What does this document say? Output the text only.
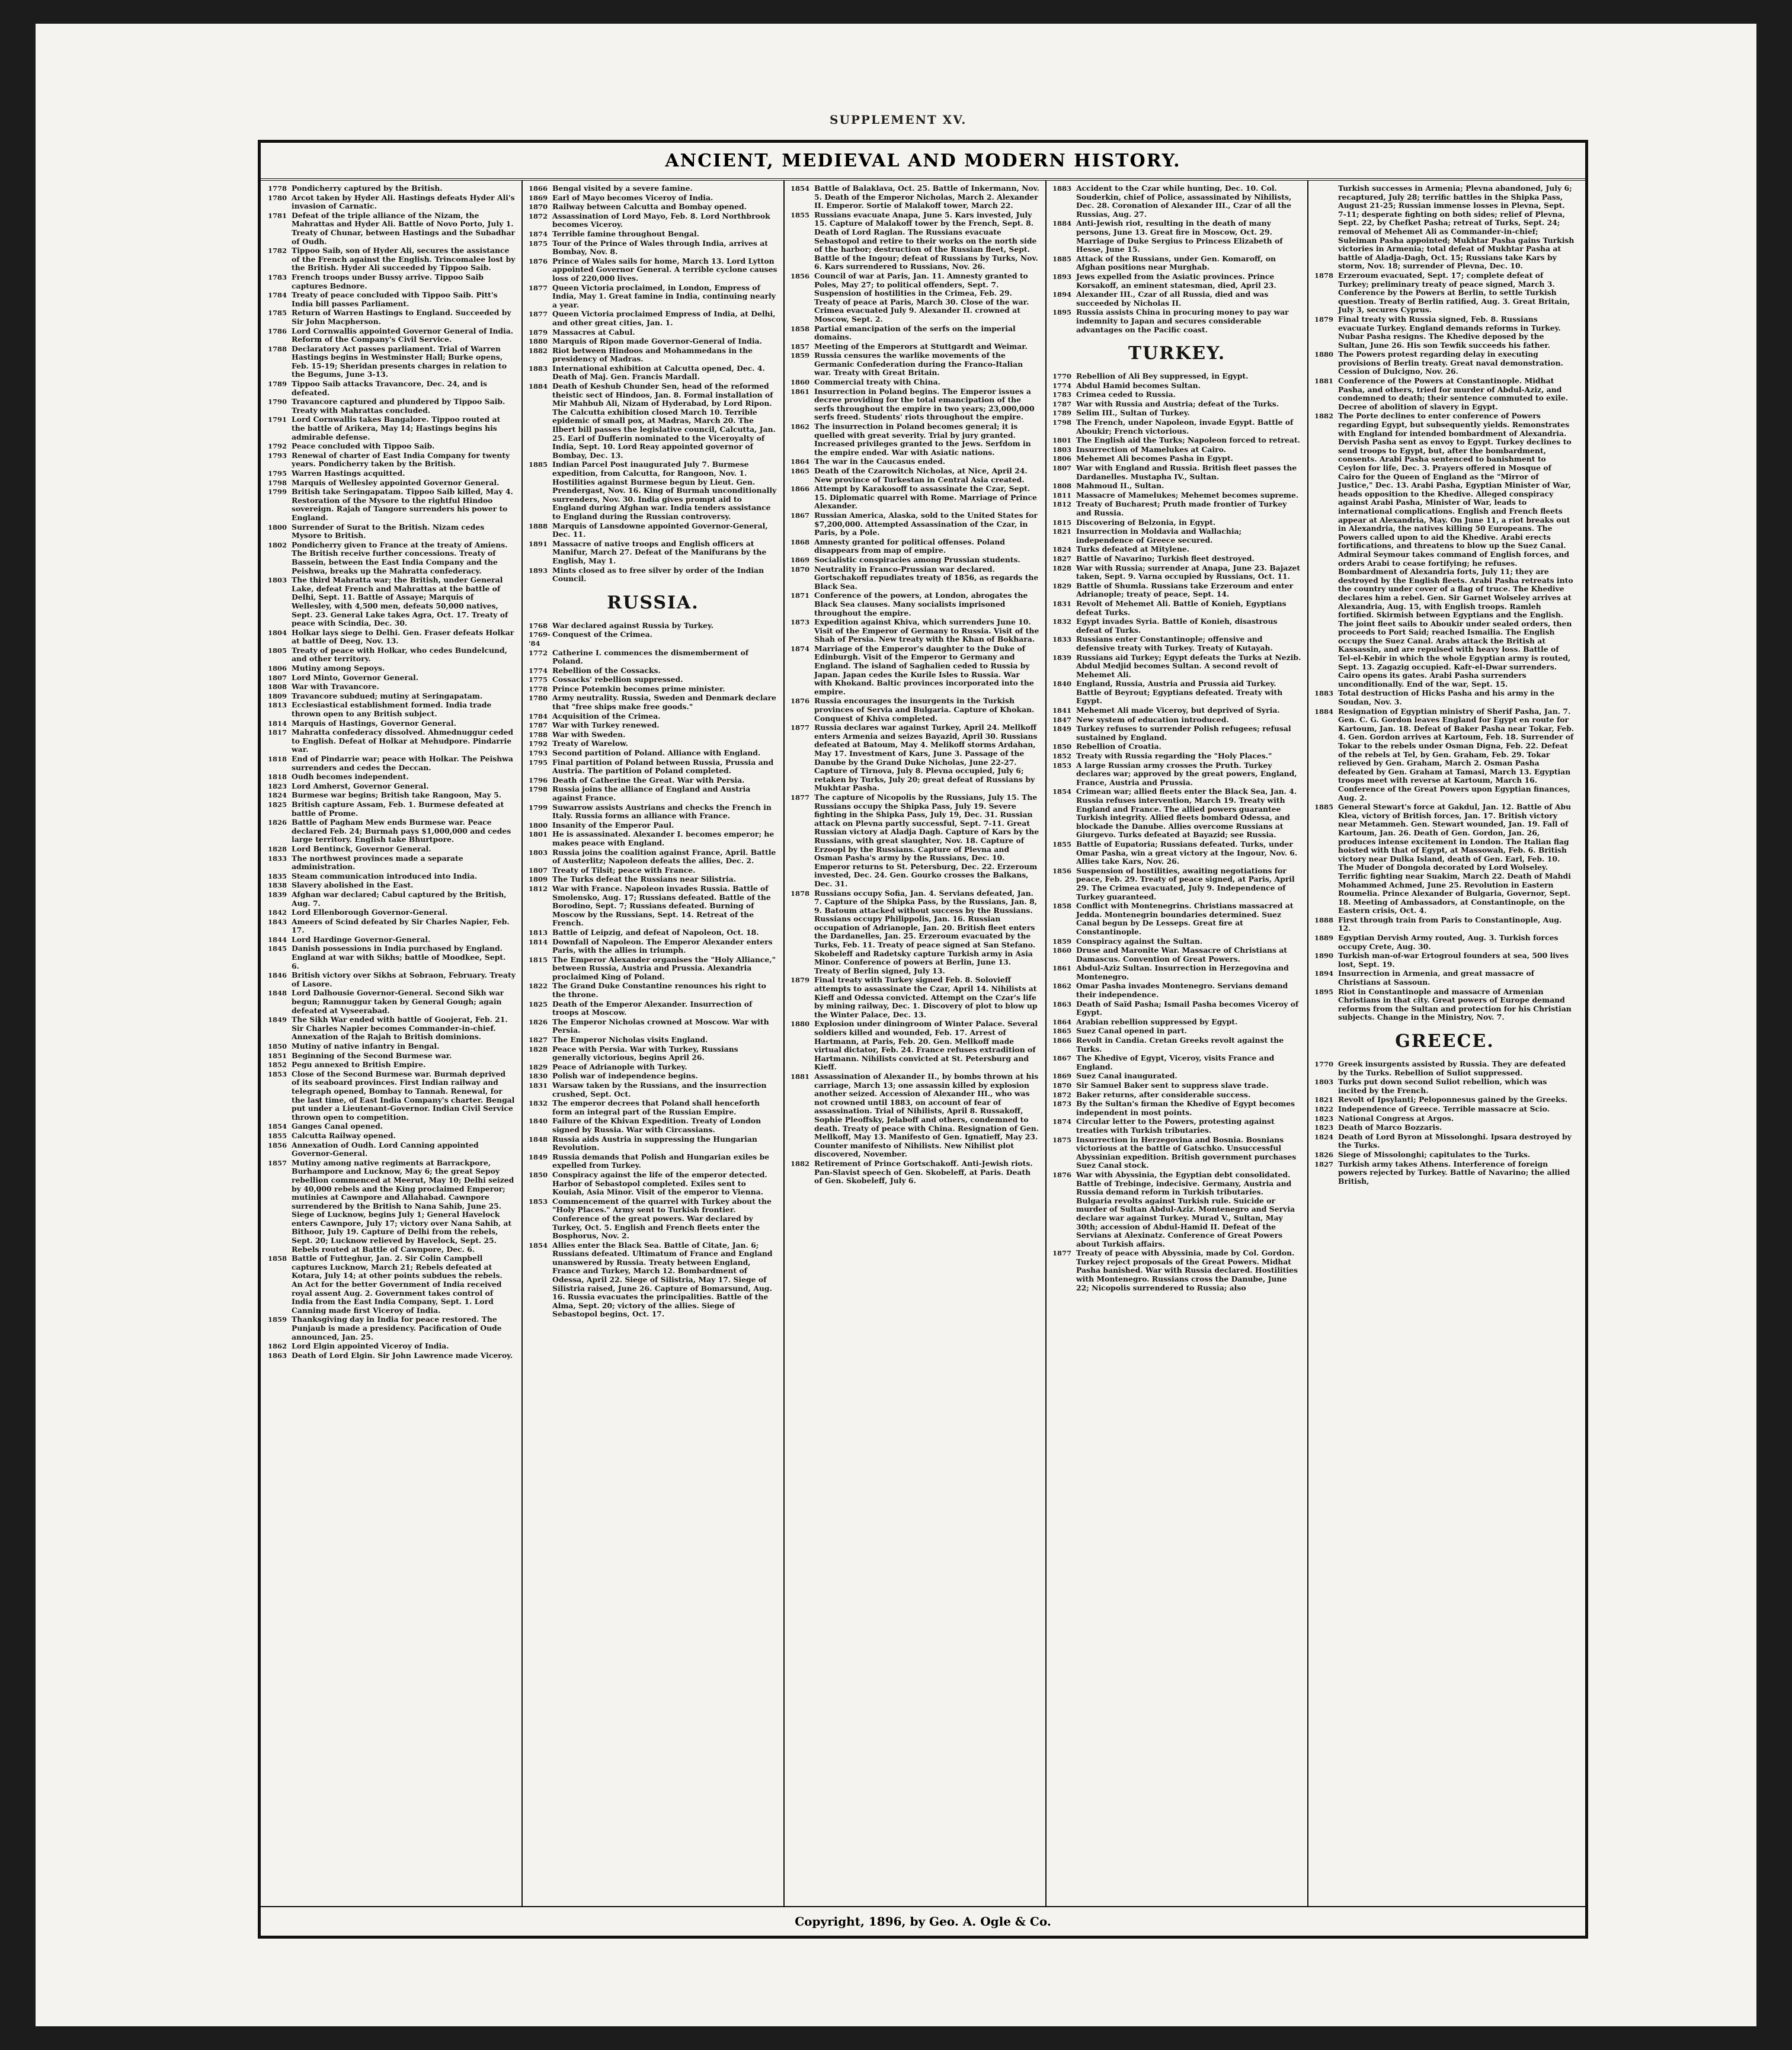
SUPPLEMENT XV.
ANCIENT, MEDIEVAL AND MODERN HISTORY.
1778 Pondicherry captured by the British.
1780 Arcot taken by Hyder Ali. Hastings defeats Hyder Ali's invasion of Carnatic.
1781 Defeat of the triple alliance of the Nizam, the Mahrattas and Hyder Ali. Battle of Novo Porto, July 1. Treaty of Chunar, between Hastings and the Subadhar of Oudh.
1782 Tippoo Saib, son of Hyder Ali, secures the assistance of the French against the English. Trincomalee lost by the British. Hyder Ali succeeded by Tippoo Saib.
1783 French troops under Bussy arrive. Tippoo Saib captures Bednore.
1784 Treaty of peace concluded with Tippoo Saib. Pitt's India bill passes Parliament.
1785 Return of Warren Hastings to England. Succeeded by Sir John Macpherson.
1786 Lord Cornwallis appointed Governor General of India. Reform of the Company's Civil Service.
1788 Declaratory Act passes parliament. Trial of Warren Hastings begins in Westminster Hall; Burke opens, Feb. 15-19; Sheridan presents charges in relation to the Begums, June 3-13.
1789 Tippoo Saib attacks Travancore, Dec. 24, and is defeated.
1790 Travancore captured and plundered by Tippoo Saib. Treaty with Mahrattas concluded.
1791 Lord Cornwallis takes Bangalore. Tippoo routed at the battle of Arikera, May 14; Hastings begins his admirable defense.
1792 Peace concluded with Tippoo Saib.
1793 Renewal of charter of East India Company for twenty years. Pondicherry taken by the British.
1795 Warren Hastings acquitted.
1798 Marquis of Wellesley appointed Governor General.
1799 British take Seringapatam. Tippoo Saib killed, May 4. Restoration of the Mysore to the rightful Hindoo sovereign. Rajah of Tangore surrenders his power to England.
1800 Surrender of Surat to the British. Nizam cedes Mysore to British.
1802 Pondicherry given to France at the treaty of Amiens. The British receive further concessions. Treaty of Bassein, between the East India Company and the Peishwa, breaks up the Mahratta confederacy.
1803 The third Mahratta war; the British, under General Lake, defeat French and Mahrattas at the battle of Delhi, Sept. 11. Battle of Assaye; Marquis of Wellesley, with 4,500 men, defeats 50,000 natives, Sept. 23. General Lake takes Agra, Oct. 17. Treaty of peace with Scindia, Dec. 30.
1804 Holkar lays siege to Delhi. Gen. Fraser defeats Holkar at battle of Deeg, Nov. 13.
1805 Treaty of peace with Holkar, who cedes Bundelcund, and other territory.
1806 Mutiny among Sepoys.
1807 Lord Minto, Governor General.
1808 War with Travancore.
1809 Travancore subdued; mutiny at Seringapatam.
1813 Ecclesiastical establishment formed. India trade thrown open to any British subject.
1814 Marquis of Hastings, Governor General.
1817 Mahratta confederacy dissolved. Ahmednuggur ceded to English. Defeat of Holkar at Mehudpore. Pindarrie war.
1818 End of Pindarrie war; peace with Holkar. The Peishwa surrenders and cedes the Deccan.
1818 Oudh becomes independent.
1823 Lord Amherst, Governor General.
1824 Burmese war begins; British take Rangoon, May 5.
1825 British capture Assam, Feb. 1. Burmese defeated at battle of Prome.
1826 Battle of Pagham Mew ends Burmese war. Peace declared Feb. 24; Burmah pays $1,000,000 and cedes large territory. English take Bhurtpore.
1828 Lord Bentinck, Governor General.
1833 The northwest provinces made a separate administration.
1835 Steam communication introduced into India.
1838 Slavery abolished in the East.
1839 Afghan war declared; Cabul captured by the British, Aug. 7.
1842 Lord Ellenborough Governor-General.
1843 Ameers of Scind defeated by Sir Charles Napier, Feb. 17.
1844 Lord Hardinge Governor-General.
1845 Danish possessions in India purchased by England. England at war with Sikhs; battle of Moodkee, Sept. 6.
1846 British victory over Sikhs at Sobraon, February. Treaty of Lasore.
1848 Lord Dalhousie Governor-General. Second Sikh war begun; Ramnuggur taken by General Gough; again defeated at Vyseerabad.
1849 The Sikh War ended with battle of Goojerat, Feb. 21. Sir Charles Napier becomes Commander-in-chief. Annexation of the Rajah to British dominions.
1850 Mutiny of native infantry in Bengal.
1851 Beginning of the Second Burmese war.
1852 Pegu annexed to British Empire.
1853 Close of the Second Burmese war. Burmah deprived of its seaboard provinces. First Indian railway and telegraph opened, Bombay to Tannah. Renewal, for the last time, of East India Company's charter. Bengal put under a Lieutenant-Governor. Indian Civil Service thrown open to competition.
1854 Ganges Canal opened.
1855 Calcutta Railway opened.
1856 Annexation of Oudh. Lord Canning appointed Governor-General.
1857 Mutiny among native regiments at Barrackpore, Burhampore and Lucknow, May 6; the great Sepoy rebellion commenced at Meerut, May 10; Delhi seized by 40,000 rebels and the King proclaimed Emperor; mutinies at Cawnpore and Allahabad. Cawnpore surrendered by the British to Nana Sahib, June 25. Siege of Lucknow, begins July 1; General Havelock enters Cawnpore, July 17; victory over Nana Sahib, at Bithoor, July 19. Capture of Delhi from the rebels, Sept. 20; Lucknow relieved by Havelock, Sept. 25. Rebels routed at Battle of Cawnpore, Dec. 6.
1858 Battle of Futteghur, Jan. 2. Sir Colin Campbell captures Lucknow, March 21; Rebels defeated at Kotara, July 14; at other points subdues the rebels. An Act for the better Government of India received royal assent Aug. 2. Government takes control of India from the East India Company, Sept. 1. Lord Canning made first Viceroy of India.
1859 Thanksgiving day in India for peace restored. The Punjaub is made a presidency. Pacification of Oude announced, Jan. 25.
1862 Lord Elgin appointed Viceroy of India.
1863 Death of Lord Elgin. Sir John Lawrence made Viceroy.
1866 Bengal visited by a severe famine.
1869 Earl of Mayo becomes Viceroy of India.
1870 Railway between Calcutta and Bombay opened.
1872 Assassination of Lord Mayo, Feb. 8. Lord Northbrook becomes Viceroy.
1874 Terrible famine throughout Bengal.
1875 Tour of the Prince of Wales through India, arrives at Bombay, Nov. 8.
1876 Prince of Wales sails for home, March 13. Lord Lytton appointed Governor General. A terrible cyclone causes loss of 220,000 lives.
1877 Queen Victoria proclaimed, in London, Empress of India, May 1. Great famine in India, continuing nearly a year.
1877 Queen Victoria proclaimed Empress of India, at Delhi, and other great cities, Jan. 1.
1879 Massacres at Cabul.
1880 Marquis of Ripon made Governor-General of India.
1882 Riot between Hindoos and Mohammedans in the presidency of Madras.
1883 International exhibition at Calcutta opened, Dec. 4. Death of Maj. Gen. Francis Mardall.
1884 Death of Keshub Chunder Sen, head of the reformed theistic sect of Hindoos, Jan. 8. Formal installation of Mir Mahbub Ali, Nizam of Hyderabad, by Lord Ripon. The Calcutta exhibition closed March 10. Terrible epidemic of small pox, at Madras, March 20. The Ilbert bill passes the legislative council, Calcutta, Jan. 25. Earl of Dufferin nominated to the Viceroyalty of India, Sept. 10. Lord Reay appointed governor of Bombay, Dec. 13.
1885 Indian Parcel Post inaugurated July 7. Burmese expedition, from Calcutta, for Rangoon, Nov. 1. Hostilities against Burmese begun by Lieut. Gen. Prendergast, Nov. 16. King of Burmah unconditionally surrenders, Nov. 30. India gives prompt aid to England during Afghan war. India tenders assistance to England during the Russian controversy.
1888 Marquis of Lansdowne appointed Governor-General, Dec. 11.
1891 Massacre of native troops and English officers at Manifur, March 27. Defeat of the Manifurans by the English, May 1.
1893 Mints closed as to free silver by order of the Indian Council.
RUSSIA.
1768 War declared against Russia by Turkey.
1769-'84
Conquest of the Crimea.
1772 Catherine I. commences the dismemberment of Poland.
1774 Rebellion of the Cossacks.
1775 Cossacks' rebellion suppressed.
1778 Prince Potemkin becomes prime minister.
1780 Army neutrality. Russia, Sweden and Denmark declare that "free ships make free goods."
1784 Acquisition of the Crimea.
1787 War with Turkey renewed.
1788 War with Sweden.
1792 Treaty of Warelow.
1793 Second partition of Poland. Alliance with England.
1795 Final partition of Poland between Russia, Prussia and Austria. The partition of Poland completed.
1796 Death of Catherine the Great. War with Persia.
1798 Russia joins the alliance of England and Austria against France.
1799 Suwarrow assists Austrians and checks the French in Italy. Russia forms an alliance with France.
1800 Insanity of the Emperor Paul.
1801 He is assassinated. Alexander I. becomes emperor; he makes peace with England.
1803 Russia joins the coalition against France, April. Battle of Austerlitz; Napoleon defeats the allies, Dec. 2.
1807 Treaty of Tilsit; peace with France.
1809 The Turks defeat the Russians near Silistria.
1812 War with France. Napoleon invades Russia. Battle of Smolensko, Aug. 17; Russians defeated. Battle of the Borodino, Sept. 7; Russians defeated. Burning of Moscow by the Russians, Sept. 14. Retreat of the French.
1813 Battle of Leipzig, and defeat of Napoleon, Oct. 18.
1814 Downfall of Napoleon. The Emperor Alexander enters Paris, with the allies in triumph.
1815 The Emperor Alexander organises the "Holy Alliance," between Russia, Austria and Prussia. Alexandria proclaimed King of Poland.
1822 The Grand Duke Constantine renounces his right to the throne.
1825 Death of the Emperor Alexander. Insurrection of troops at Moscow.
1826 The Emperor Nicholas crowned at Moscow. War with Persia.
1827 The Emperor Nicholas visits England.
1828 Peace with Persia. War with Turkey, Russians generally victorious, begins April 26.
1829 Peace of Adrianople with Turkey.
1830 Polish war of independence begins.
1831 Warsaw taken by the Russians, and the insurrection crushed, Sept. Oct.
1832 The emperor decrees that Poland shall henceforth form an integral part of the Russian Empire.
1840 Failure of the Khivan Expedition. Treaty of London signed by Russia. War with Circassians.
1848 Russia aids Austria in suppressing the Hungarian Revolution.
1849 Russia demands that Polish and Hungarian exiles be expelled from Turkey.
1850 Conspiracy against the life of the emperor detected. Harbor of Sebastopol completed. Exiles sent to Kouiah, Asia Minor. Visit of the emperor to Vienna.
1853 Commencement of the quarrel with Turkey about the "Holy Places." Army sent to Turkish frontier. Conference of the great powers. War declared by Turkey, Oct. 5. English and French fleets enter the Bosphorus, Nov. 2.
1854 Allies enter the Black Sea. Battle of Citate, Jan. 6; Russians defeated. Ultimatum of France and England unanswered by Russia. Treaty between England, France and Turkey, March 12. Bombardment of Odessa, April 22. Siege of Silistria, May 17. Siege of Silistria raised, June 26. Capture of Bomarsund, Aug. 16. Russia evacuates the principalities. Battle of the Alma, Sept. 20; victory of the allies. Siege of Sebastopol begins, Oct. 17.
1854 Battle of Balaklava, Oct. 25. Battle of Inkermann, Nov. 5. Death of the Emperor Nicholas, March 2. Alexander II. Emperor. Sortie of Malakoff tower, March 22.
1855 Russians evacuate Anapa, June 5. Kars invested, July 15. Capture of Malakoff tower by the French, Sept. 8. Death of Lord Raglan. The Russians evacuate Sebastopol and retire to their works on the north side of the harbor; destruction of the Russian fleet, Sept. Battle of the Ingour; defeat of Russians by Turks, Nov. 6. Kars surrendered to Russians, Nov. 26.
1856 Council of war at Paris, Jan. 11. Amnesty granted to Poles, May 27; to political offenders, Sept. 7. Suspension of hostilities in the Crimea, Feb. 29. Treaty of peace at Paris, March 30. Close of the war. Crimea evacuated July 9. Alexander II. crowned at Moscow, Sept. 2.
1858 Partial emancipation of the serfs on the imperial domains.
1857 Meeting of the Emperors at Stuttgardt and Weimar.
1859 Russia censures the warlike movements of the Germanic Confederation during the Franco-Italian war. Treaty with Great Britain.
1860 Commercial treaty with China.
1861 Insurrection in Poland begins. The Emperor issues a decree providing for the total emancipation of the serfs throughout the empire in two years; 23,000,000 serfs freed. Students' riots throughout the empire.
1862 The insurrection in Poland becomes general; it is quelled with great severity. Trial by jury granted. Increased privileges granted to the Jews. Serfdom in the empire ended. War with Asiatic nations.
1864 The war in the Caucasus ended.
1865 Death of the Czarowitch Nicholas, at Nice, April 24. New province of Turkestan in Central Asia created.
1866 Attempt by Karakosoff to assassinate the Czar, Sept. 15. Diplomatic quarrel with Rome. Marriage of Prince Alexander.
1867 Russian America, Alaska, sold to the United States for $7,200,000. Attempted Assassination of the Czar, in Paris, by a Pole.
1868 Amnesty granted for political offenses. Poland disappears from map of empire.
1869 Socialistic conspiracies among Prussian students.
1870 Neutrality in Franco-Prussian war declared. Gortschakoff repudiates treaty of 1856, as regards the Black Sea.
1871 Conference of the powers, at London, abrogates the Black Sea clauses. Many socialists imprisoned throughout the empire.
1873 Expedition against Khiva, which surrenders June 10. Visit of the Emperor of Germany to Russia. Visit of the Shah of Persia. New treaty with the Khan of Bokhara.
1874 Marriage of the Emperor's daughter to the Duke of Edinburgh. Visit of the Emperor to Germany and England. The island of Saghalien ceded to Russia by Japan. Japan cedes the Kurile Isles to Russia. War with Khokand. Baltic provinces incorporated into the empire.
1876 Russia encourages the insurgents in the Turkish provinces of Servia and Bulgaria. Capture of Khokan. Conquest of Khiva completed.
1877 Russia declares war against Turkey, April 24. Mellkoff enters Armenia and seizes Bayazid, April 30. Russians defeated at Batoum, May 4. Melikoff storms Ardahan, May 17. Investment of Kars, June 3. Passage of the Danube by the Grand Duke Nicholas, June 22-27. Capture of Tirnova, July 8. Plevna occupied, July 6; retaken by Turks, July 20; great defeat of Russians by Mukhtar Pasha.
1877 The capture of Nicopolis by the Russians, July 15. The Russians occupy the Shipka Pass, July 19. Severe fighting in the Shipka Pass, July 19, Dec. 31. Russian attack on Plevna partly successful, Sept. 7-11. Great Russian victory at Aladja Dagh. Capture of Kars by the Russians, with great slaughter, Nov. 18. Capture of Erzoopl by the Russians. Capture of Plevna and Osman Pasha's army by the Russians, Dec. 10. Emperor returns to St. Petersburg, Dec. 22. Erzeroum invested, Dec. 24. Gen. Gourko crosses the Balkans, Dec. 31.
1878 Russians occupy Sofia, Jan. 4. Servians defeated, Jan. 7. Capture of the Shipka Pass, by the Russians, Jan. 8, 9. Batoum attacked without success by the Russians. Russians occupy Philippolis, Jan. 16. Russian occupation of Adrianople, Jan. 20. British fleet enters the Dardanelles, Jan. 25. Erzeroum evacuated by the Turks, Feb. 11. Treaty of peace signed at San Stefano. Skobeleff and Radetsky capture Turkish army in Asia Minor. Conference of powers at Berlin, June 13. Treaty of Berlin signed, July 13.
1879 Final treaty with Turkey signed Feb. 8. Solovieff attempts to assassinate the Czar, April 14. Nihilists at Kieff and Odessa convicted. Attempt on the Czar's life by mining railway, Dec. 1. Discovery of plot to blow up the Winter Palace, Dec. 13.
1880 Explosion under diningroom of Winter Palace. Several soldiers killed and wounded, Feb. 17. Arrest of Hartmann, at Paris, Feb. 20. Gen. Mellkoff made virtual dictator, Feb. 24. France refuses extradition of Hartmann. Nihilists convicted at St. Petersburg and Kieff.
1881 Assassination of Alexander II., by bombs thrown at his carriage, March 13; one assassin killed by explosion another seized. Accession of Alexander III., who was not crowned until 1883, on account of fear of assassination. Trial of Nihilists, April 8. Russakoff, Sophie Pleoffsky, Jelaboff and others, condemned to death. Treaty of peace with China. Resignation of Gen. Mellkoff, May 13. Manifesto of Gen. Ignatieff, May 23. Counter manifesto of Nihilists. New Nihilist plot discovered, November.
1882 Retirement of Prince Gortschakoff. Anti-Jewish riots. Pan-Slavist speech of Gen. Skobeleff, at Paris. Death of Gen. Skobeleff, July 6.
1883 Accident to the Czar while hunting, Dec. 10. Col. Souderkin, chief of Police, assassinated by Nihilists, Dec. 28. Coronation of Alexander III., Czar of all the Russias, Aug. 27.
1884 Anti-Jewish riot, resulting in the death of many persons, June 13. Great fire in Moscow, Oct. 29. Marriage of Duke Sergius to Princess Elizabeth of Hesse, June 15.
1885 Attack of the Russians, under Gen. Komaroff, on Afghan positions near Murghab.
1893 Jews expelled from the Asiatic provinces. Prince Korsakoff, an eminent statesman, died, April 23.
1894 Alexander III., Czar of all Russia, died and was succeeded by Nicholas II.
1895 Russia assists China in procuring money to pay war indemnity to Japan and secures considerable advantages on the Pacific coast.
TURKEY.
1770 Rebellion of Ali Bey suppressed, in Egypt.
1774 Abdul Hamid becomes Sultan.
1783 Crimea ceded to Russia.
1787 War with Russia and Austria; defeat of the Turks.
1789 Selim III., Sultan of Turkey.
1798 The French, under Napoleon, invade Egypt. Battle of Aboukir; French victorious.
1801 The English aid the Turks; Napoleon forced to retreat.
1803 Insurrection of Mamelukes at Cairo.
1806 Mehemet Ali becomes Pasha in Egypt.
1807 War with England and Russia. British fleet passes the Dardanelles. Mustapha IV., Sultan.
1808 Mahmoud II., Sultan.
1811 Massacre of Mamelukes; Mehemet becomes supreme.
1812 Treaty of Bucharest; Pruth made frontier of Turkey and Russia.
1815 Discovering of Belzonia, in Egypt.
1821 Insurrection in Moldavia and Wallachia; independence of Greece secured.
1824 Turks defeated at Mitylene.
1827 Battle of Navarino; Turkish fleet destroyed.
1828 War with Russia; surrender at Anapa, June 23. Bajazet taken, Sept. 9. Varna occupied by Russians, Oct. 11.
1829 Battle of Shumla. Russians take Erzeroum and enter Adrianople; treaty of peace, Sept. 14.
1831 Revolt of Mehemet Ali. Battle of Konieh, Egyptians defeat Turks.
1832 Egypt invades Syria. Battle of Konieh, disastrous defeat of Turks.
1833 Russians enter Constantinople; offensive and defensive treaty with Turkey. Treaty of Kutayah.
1839 Russians aid Turkey; Egypt defeats the Turks at Nezib. Abdul Medjid becomes Sultan. A second revolt of Mehemet Ali.
1840 England, Russia, Austria and Prussia aid Turkey. Battle of Beyrout; Egyptians defeated. Treaty with Egypt.
1841 Mehemet Ali made Viceroy, but deprived of Syria.
1847 New system of education introduced.
1849 Turkey refuses to surrender Polish refugees; refusal sustained by England.
1850 Rebellion of Croatia.
1852 Treaty with Russia regarding the "Holy Places."
1853 A large Russian army crosses the Pruth. Turkey declares war; approved by the great powers, England, France, Austria and Prussia.
1854 Crimean war; allied fleets enter the Black Sea, Jan. 4. Russia refuses intervention, March 19. Treaty with England and France. The allied powers guarantee Turkish integrity. Allied fleets bombard Odessa, and blockade the Danube. Allies overcome Russians at Giurgevo. Turks defeated at Bayazid; see Russia.
1855 Battle of Eupatoria; Russians defeated. Turks, under Omar Pasha, win a great victory at the Ingour, Nov. 6. Allies take Kars, Nov. 26.
1856 Suspension of hostilities, awaiting negotiations for peace, Feb. 29. Treaty of peace signed, at Paris, April 29. The Crimea evacuated, July 9. Independence of Turkey guaranteed.
1858 Conflict with Montenegrins. Christians massacred at Jedda. Montenegrin boundaries determined. Suez Canal begun by De Lesseps. Great fire at Constantinople.
1859 Conspiracy against the Sultan.
1860 Druse and Maronite War. Massacre of Christians at Damascus. Convention of Great Powers.
1861 Abdul-Aziz Sultan. Insurrection in Herzegovina and Montenegro.
1862 Omar Pasha invades Montenegro. Servians demand their independence.
1863 Death of Saïd Pasha; Ismail Pasha becomes Viceroy of Egypt.
1864 Arabian rebellion suppressed by Egypt.
1865 Suez Canal opened in part.
1866 Revolt in Candia. Cretan Greeks revolt against the Turks.
1867 The Khedive of Egypt, Viceroy, visits France and England.
1869 Suez Canal inaugurated.
1870 Sir Samuel Baker sent to suppress slave trade.
1872 Baker returns, after considerable success.
1873 By the Sultan's firman the Khedive of Egypt becomes independent in most points.
1874 Circular letter to the Powers, protesting against treaties with Turkish tributaries.
1875 Insurrection in Herzegovina and Bosnia. Bosnians victorious at the battle of Gatschko. Unsuccessful Abyssinian expedition. British government purchases Suez Canal stock.
1876 War with Abyssinia, the Egyptian debt consolidated. Battle of Trebinge, indecisive. Germany, Austria and Russia demand reform in Turkish tributaries. Bulgaria revolts against Turkish rule. Suicide or murder of Sultan Abdul-Aziz. Montenegro and Servia declare war against Turkey. Murad V., Sultan, May 30th; accession of Abdul-Hamid II. Defeat of the Servians at Alexinatz. Conference of Great Powers about Turkish affairs.
1877 Treaty of peace with Abyssinia, made by Col. Gordon. Turkey reject proposals of the Great Powers. Midhat Pasha banished. War with Russia declared. Hostilities with Montenegro. Russians cross the Danube, June 22; Nicopolis surrendered to Russia; also
Turkish successes in Armenia; Plevna abandoned, July 6; recaptured, July 28; terrific battles in the Shipka Pass, August 21-25; Russian immense losses in Plevna, Sept. 7-11; desperate fighting on both sides; relief of Plevna, Sept. 22, by Chefket Pasha; retreat of Turks, Sept. 24; removal of Mehemet Ali as Commander-in-chief; Suleiman Pasha appointed; Mukhtar Pasha gains Turkish victories in Armenia; total defeat of Mukhtar Pasha at battle of Aladja-Dagh, Oct. 15; Russians take Kars by storm, Nov. 18; surrender of Plevna, Dec. 10.
1878 Erzeroum evacuated, Sept. 17; complete defeat of Turkey; preliminary treaty of peace signed, March 3. Conference by the Powers at Berlin, to settle Turkish question. Treaty of Berlin ratified, Aug. 3. Great Britain, July 3, secures Cyprus.
1879 Final treaty with Russia signed, Feb. 8. Russians evacuate Turkey. England demands reforms in Turkey. Nubar Pasha resigns. The Khedive deposed by the Sultan, June 26. His son Tewfik succeeds his father.
1880 The Powers protest regarding delay in executing provisions of Berlin treaty. Great naval demonstration. Cession of Dulcigno, Nov. 26.
1881 Conference of the Powers at Constantinople. Midhat Pasha, and others, tried for murder of Abdul-Aziz, and condemned to death; their sentence commuted to exile. Decree of abolition of slavery in Egypt.
1882 The Porte declines to enter conference of Powers regarding Egypt, but subsequently yields. Remonstrates with England for intended bombardment of Alexandria. Dervish Pasha sent as envoy to Egypt. Turkey declines to send troops to Egypt, but, after the bombardment, consents. Arabi Pasha sentenced to banishment to Ceylon for life, Dec. 3. Prayers offered in Mosque of Cairo for the Queen of England as the "Mirror of Justice," Dec. 13. Arabi Pasha, Egyptian Minister of War, heads opposition to the Khedive. Alleged conspiracy against Arabi Pasha, Minister of War, leads to international complications. English and French fleets appear at Alexandria, May. On June 11, a riot breaks out in Alexandria, the natives killing 50 Europeans. The Powers called upon to aid the Khedive. Arabi erects fortifications, and threatens to blow up the Suez Canal. Admiral Seymour takes command of English forces, and orders Arabi to cease fortifying; he refuses. Bombardment of Alexandria forts, July 11; they are destroyed by the English fleets. Arabi Pasha retreats into the country under cover of a flag of truce. The Khedive declares him a rebel. Gen. Sir Garnet Wolseley arrives at Alexandria, Aug. 15, with English troops. Ramleh fortified. Skirmish between Egyptians and the English. The joint fleet sails to Aboukir under sealed orders, then proceeds to Port Said; reached Ismailia. The English occupy the Suez Canal. Arabs attack the British at Kassassin, and are repulsed with heavy loss. Battle of Tel-el-Kebir in which the whole Egyptian army is routed, Sept. 13. Zagazig occupied. Kafr-el-Dwar surrenders. Cairo opens its gates. Arabi Pasha surrenders unconditionally. End of the war, Sept. 15.
1883 Total destruction of Hicks Pasha and his army in the Soudan, Nov. 3.
1884 Resignation of Egyptian ministry of Sherif Pasha, Jan. 7. Gen. C. G. Gordon leaves England for Egypt en route for Kartoum, Jan. 18. Defeat of Baker Pasha near Tokar, Feb. 4. Gen. Gordon arrives at Kartoum, Feb. 18. Surrender of Tokar to the rebels under Osman Digna, Feb. 22. Defeat of the rebels at Tel, by Gen. Graham, Feb. 29. Tokar relieved by Gen. Graham, March 2. Osman Pasha defeated by Gen. Graham at Tamasi, March 13. Egyptian troops meet with reverse at Kartoum, March 16. Conference of the Great Powers upon Egyptian finances, Aug. 2.
1885 General Stewart's force at Gakdul, Jan. 12. Battle of Abu Klea, victory of British forces, Jan. 17. British victory near Metammeh. Gen. Stewart wounded, Jan. 19. Fall of Kartoum, Jan. 26. Death of Gen. Gordon, Jan. 26, produces intense excitement in London. The Italian flag hoisted with that of Egypt, at Massowah, Feb. 6. British victory near Dulka Island, death of Gen. Earl, Feb. 10. The Muder of Dongola decorated by Lord Wolseley. Terrific fighting near Suakim, March 22. Death of Mahdi Mohammed Achmed, June 25. Revolution in Eastern Roumelia. Prince Alexander of Bulgaria, Governor, Sept. 18. Meeting of Ambassadors, at Constantinople, on the Eastern crisis, Oct. 4.
1888 First through train from Paris to Constantinople, Aug. 12.
1889 Egyptian Dervish Army routed, Aug. 3. Turkish forces occupy Crete, Aug. 30.
1890 Turkish man-of-war Ertogroul founders at sea, 500 lives lost, Sept. 19.
1894 Insurrection in Armenia, and great massacre of Christians at Sassoun.
1895 Riot in Constantinople and massacre of Armenian Christians in that city. Great powers of Europe demand reforms from the Sultan and protection for his Christian subjects. Change in the Ministry, Nov. 7.
GREECE.
1770 Greek insurgents assisted by Russia. They are defeated by the Turks. Rebellion of Suliot suppressed.
1803 Turks put down second Suliot rebellion, which was incited by the French.
1821 Revolt of Ipsylanti; Peloponnesus gained by the Greeks.
1822 Independence of Greece. Terrible massacre at Scio.
1823 National Congress at Argos.
1823 Death of Marco Bozzaris.
1824 Death of Lord Byron at Missolonghi. Ipsara destroyed by the Turks.
1826 Siege of Missolonghi; capitulates to the Turks.
1827 Turkish army takes Athens. Interference of foreign powers rejected by Turkey. Battle of Navarino; the allied British,
Copyright, 1896, by Geo. A. Ogle & Co.
